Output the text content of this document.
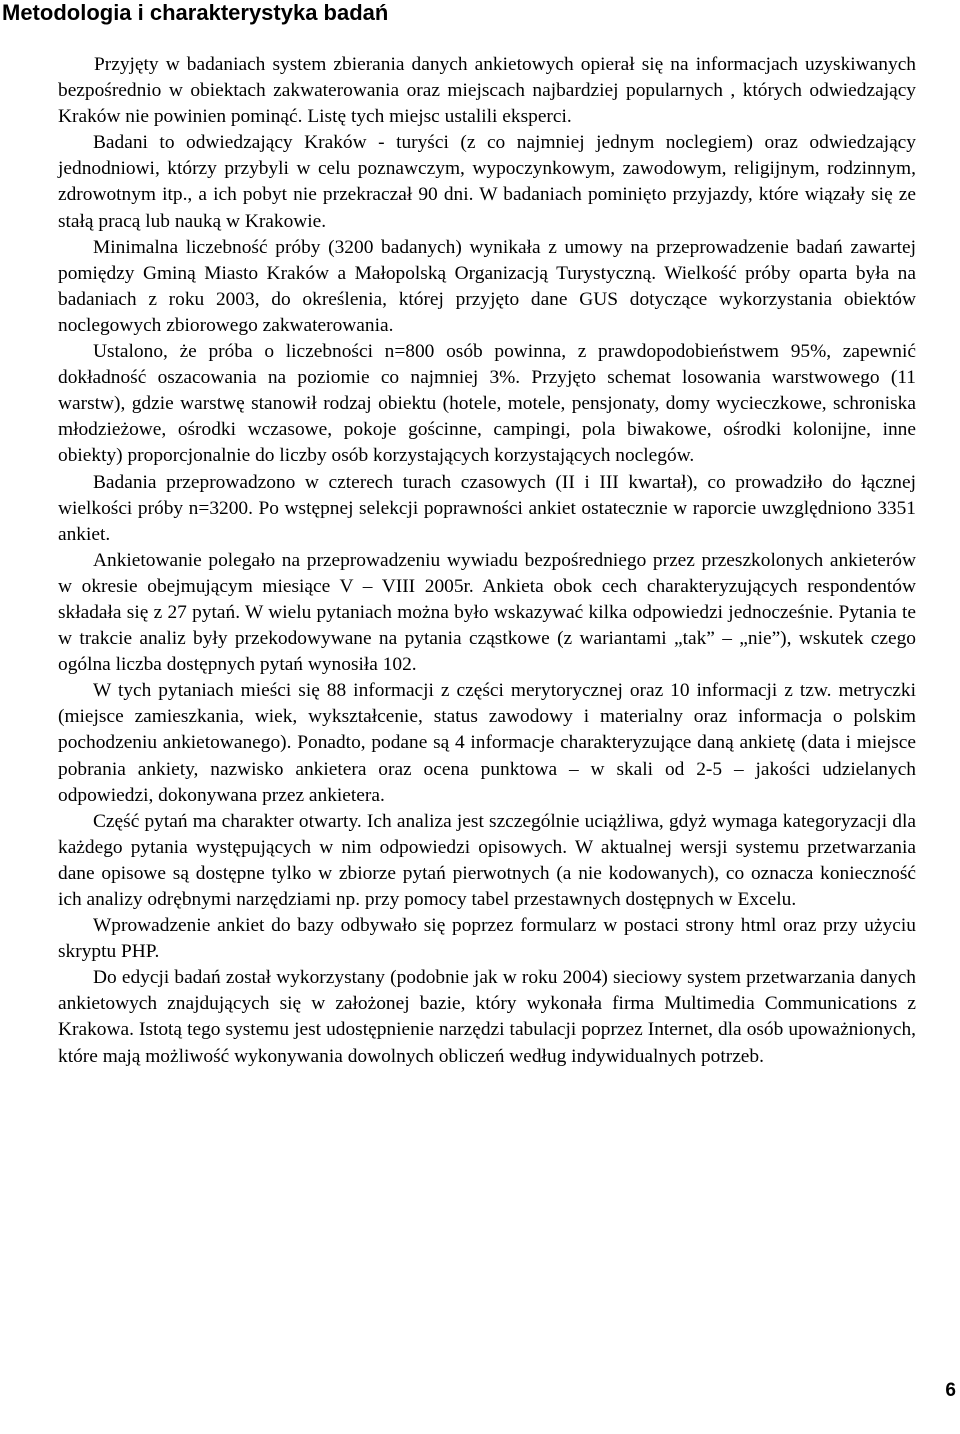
Metodologia i charakterystyka badań

Przyjęty w badaniach system zbierania danych ankietowych opierał się na informacjach uzyskiwanych bezpośrednio w obiektach zakwaterowania oraz miejscach najbardziej popularnych , których odwiedzający Kraków nie powinien pominąć. Listę tych miejsc ustalili eksperci.

Badani to odwiedzający Kraków - turyści (z co najmniej jednym noclegiem) oraz odwiedzający jednodniowi, którzy przybyli w celu poznawczym, wypoczynkowym, zawodowym, religijnym, rodzinnym, zdrowotnym itp., a ich pobyt nie przekraczał 90 dni. W badaniach pominięto przyjazdy, które wiązały się ze stałą pracą lub nauką w Krakowie.

Minimalna liczebność próby (3200 badanych) wynikała z umowy na przeprowadzenie badań zawartej pomiędzy Gminą Miasto Kraków a Małopolską Organizacją Turystyczną. Wielkość próby oparta była na badaniach z roku 2003, do określenia, której przyjęto dane GUS dotyczące wykorzystania obiektów noclegowych zbiorowego zakwaterowania.

Ustalono, że próba o liczebności n=800 osób powinna, z prawdopodobieństwem 95%, zapewnić dokładność oszacowania na poziomie co najmniej 3%. Przyjęto schemat losowania warstwowego (11 warstw), gdzie warstwę stanowił rodzaj obiektu (hotele, motele, pensjonaty, domy wycieczkowe, schroniska młodzieżowe, ośrodki wczasowe, pokoje gościnne, campingi, pola biwakowe, ośrodki kolonijne, inne obiekty) proporcjonalnie do liczby osób korzystających korzystających noclegów.

Badania przeprowadzono w czterech turach czasowych (II i III kwartał), co prowadziło do łącznej wielkości próby n=3200. Po wstępnej selekcji poprawności ankiet ostatecznie w raporcie uwzględniono 3351 ankiet.

Ankietowanie polegało na przeprowadzeniu wywiadu bezpośredniego przez przeszkolonych ankieterów w okresie obejmującym miesiące V – VIII 2005r. Ankieta obok cech charakteryzujących respondentów składała się z 27 pytań. W wielu pytaniach można było wskazywać kilka odpowiedzi jednocześnie. Pytania te w trakcie analiz były przekodowywane na pytania cząstkowe (z wariantami „tak” – „nie”), wskutek czego ogólna liczba dostępnych pytań wynosiła 102.

W tych pytaniach mieści się 88 informacji z części merytorycznej oraz 10 informacji z tzw. metryczki (miejsce zamieszkania, wiek, wykształcenie, status zawodowy i materialny oraz informacja o polskim pochodzeniu ankietowanego). Ponadto, podane są 4 informacje charakteryzujące daną ankietę (data i miejsce pobrania ankiety, nazwisko ankietera oraz ocena punktowa – w skali od 2-5 – jakości udzielanych odpowiedzi, dokonywana przez ankietera.

Część pytań ma charakter otwarty. Ich analiza jest szczególnie uciążliwa, gdyż wymaga kategoryzacji dla każdego pytania występujących w nim odpowiedzi opisowych. W aktualnej wersji systemu przetwarzania dane opisowe są dostępne tylko w zbiorze pytań pierwotnych (a nie kodowanych), co oznacza konieczność ich analizy odrębnymi narzędziami np. przy pomocy tabel przestawnych dostępnych w Excelu.

Wprowadzenie ankiet do bazy odbywało się poprzez formularz w postaci strony html oraz przy użyciu skryptu PHP.

Do edycji badań został wykorzystany (podobnie jak w roku 2004) sieciowy system przetwarzania danych ankietowych znajdujących się w założonej bazie, który wykonała firma Multimedia Communications z Krakowa. Istotą tego systemu jest udostępnienie narzędzi tabulacji poprzez Internet, dla osób upoważnionych, które mają możliwość wykonywania dowolnych obliczeń według indywidualnych potrzeb.

6
